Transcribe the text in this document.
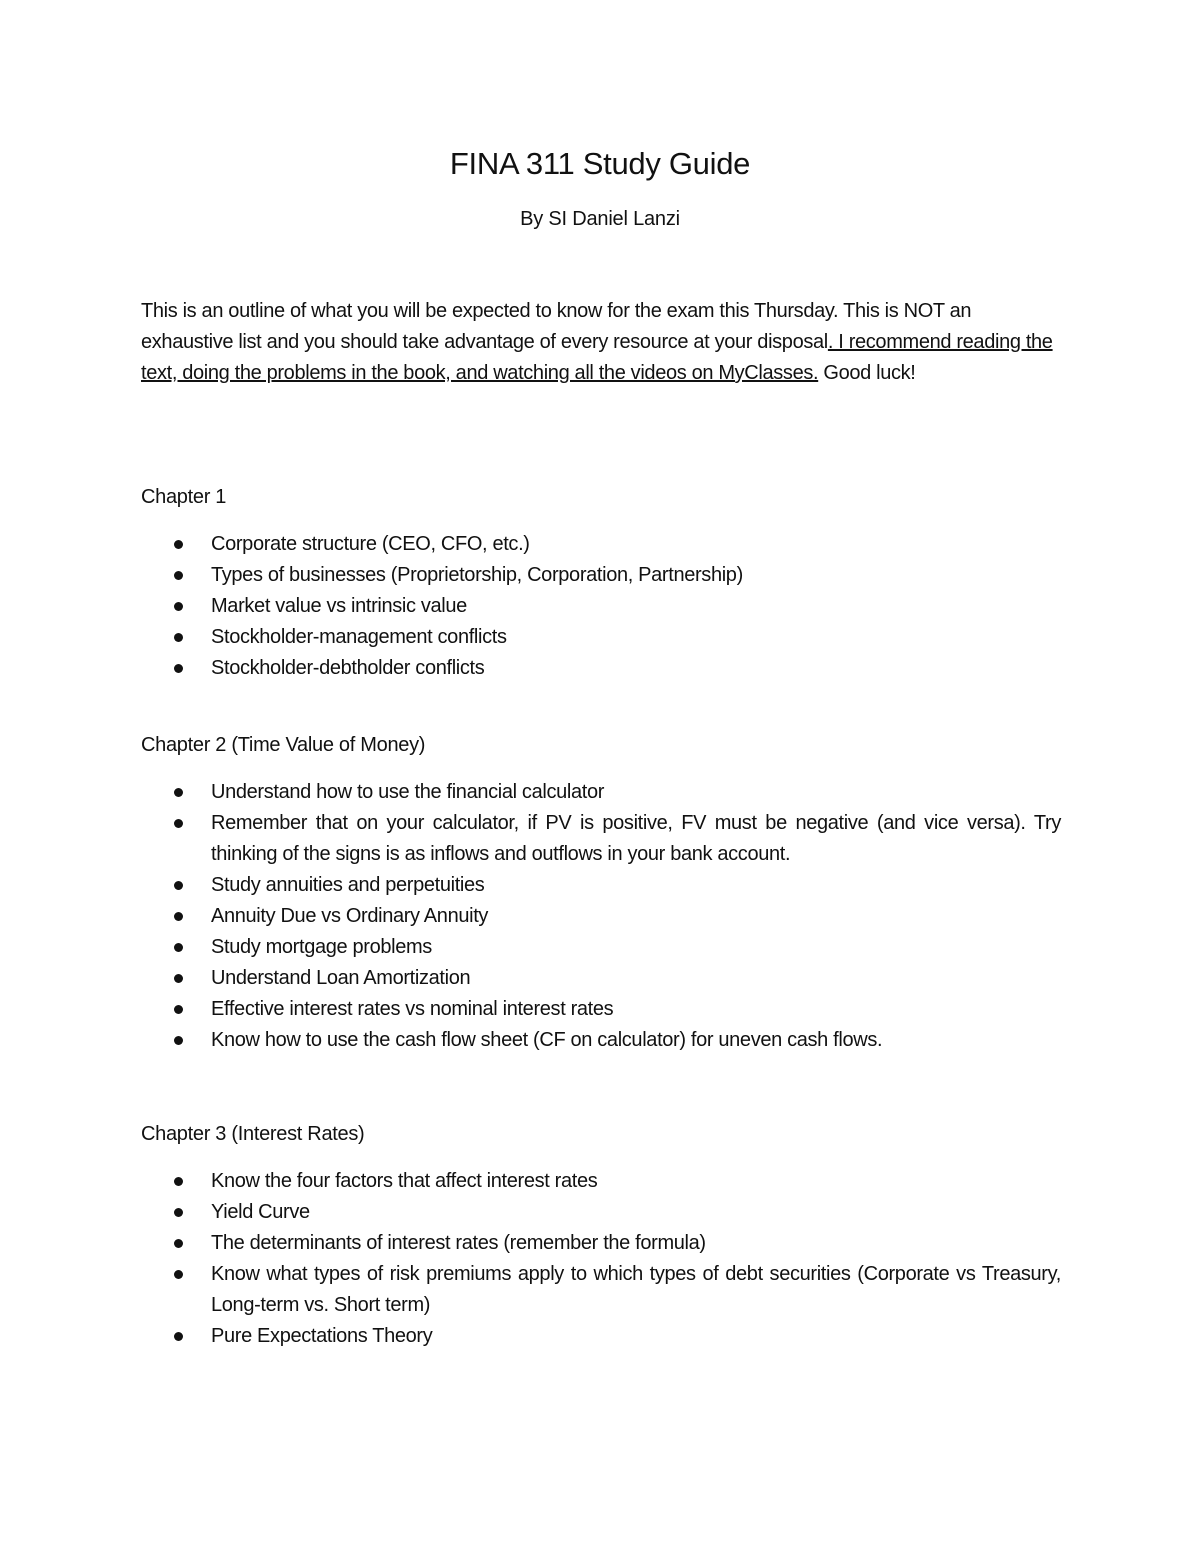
FINA 311 Study Guide
By SI Daniel Lanzi
This is an outline of what you will be expected to know for the exam this Thursday. This is NOT an exhaustive list and you should take advantage of every resource at your disposal. I recommend reading the text, doing the problems in the book, and watching all the videos on MyClasses. Good luck!
Chapter 1
Corporate structure (CEO, CFO, etc.)
Types of businesses (Proprietorship, Corporation, Partnership)
Market value vs intrinsic value
Stockholder-management conflicts
Stockholder-debtholder conflicts
Chapter 2 (Time Value of Money)
Understand how to use the financial calculator
Remember that on your calculator, if PV is positive, FV must be negative (and vice versa). Try thinking of the signs is as inflows and outflows in your bank account.
Study annuities and perpetuities
Annuity Due vs Ordinary Annuity
Study mortgage problems
Understand Loan Amortization
Effective interest rates vs nominal interest rates
Know how to use the cash flow sheet (CF on calculator) for uneven cash flows.
Chapter 3 (Interest Rates)
Know the four factors that affect interest rates
Yield Curve
The determinants of interest rates (remember the formula)
Know what types of risk premiums apply to which types of debt securities (Corporate vs Treasury, Long-term vs. Short term)
Pure Expectations Theory
